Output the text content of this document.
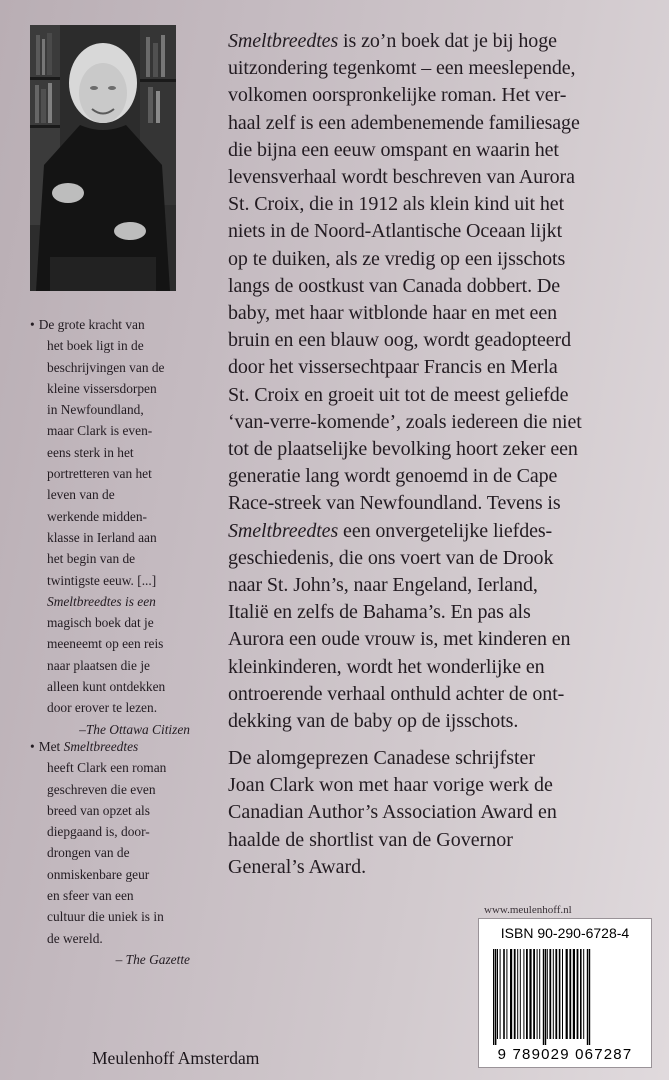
• De grote kracht van

het boek ligt in de

beschrijvingen van de

kleine vissersdorpen

in Newfoundland,

maar Clark is even-

eens sterk in het

portretteren van het

leven van de

werkende midden-

klasse in Ierland aan

het begin van de

twintigste eeuw. [...]

Smeltbreedtes is een

magisch boek dat je

meeneemt op een reis

naar plaatsen die je

alleen kunt ontdekken

door erover te lezen.

–The Ottawa Citizen

• Met Smeltbreedtes

heeft Clark een roman

geschreven die even

breed van opzet als

diepgaand is, door-

drongen van de

onmiskenbare geur

en sfeer van een

cultuur die uniek is in

de wereld.

– The Gazette

Smeltbreedtes is zo’n boek dat je bij hoge

uitzondering tegenkomt – een meeslepende,

volkomen oorspronkelijke roman. Het ver-

haal zelf is een adembenemende familiesage

die bijna een eeuw omspant en waarin het

levensverhaal wordt beschreven van Aurora

St. Croix, die in 1912 als klein kind uit het

niets in de Noord-Atlantische Oceaan lijkt

op te duiken, als ze vredig op een ijsschots

langs de oostkust van Canada dobbert. De

baby, met haar witblonde haar en met een

bruin en een blauw oog, wordt geadopteerd

door het vissersechtpaar Francis en Merla

St. Croix en groeit uit tot de meest geliefde

‘van-verre-komende’, zoals iedereen die niet

tot de plaatselijke bevolking hoort zeker een

generatie lang wordt genoemd in de Cape

Race-streek van Newfoundland. Tevens is

Smeltbreedtes een onvergetelijke liefdes-

geschiedenis, die ons voert van de Drook

naar St. John’s, naar Engeland, Ierland,

Italië en zelfs de Bahama’s. En pas als

Aurora een oude vrouw is, met kinderen en

kleinkinderen, wordt het wonderlijke en

ontroerende verhaal onthuld achter de ont-

dekking van de baby op de ijsschots.

De alomgeprezen Canadese schrijfster
Joan Clark won met haar vorige werk de
Canadian Author’s Association Award en
haalde de shortlist van de Governor
General’s Award.
www.meulenhoff.nl
ISBN 90-290-6728-4
9 789029 067287
Meulenhoff Amsterdam
